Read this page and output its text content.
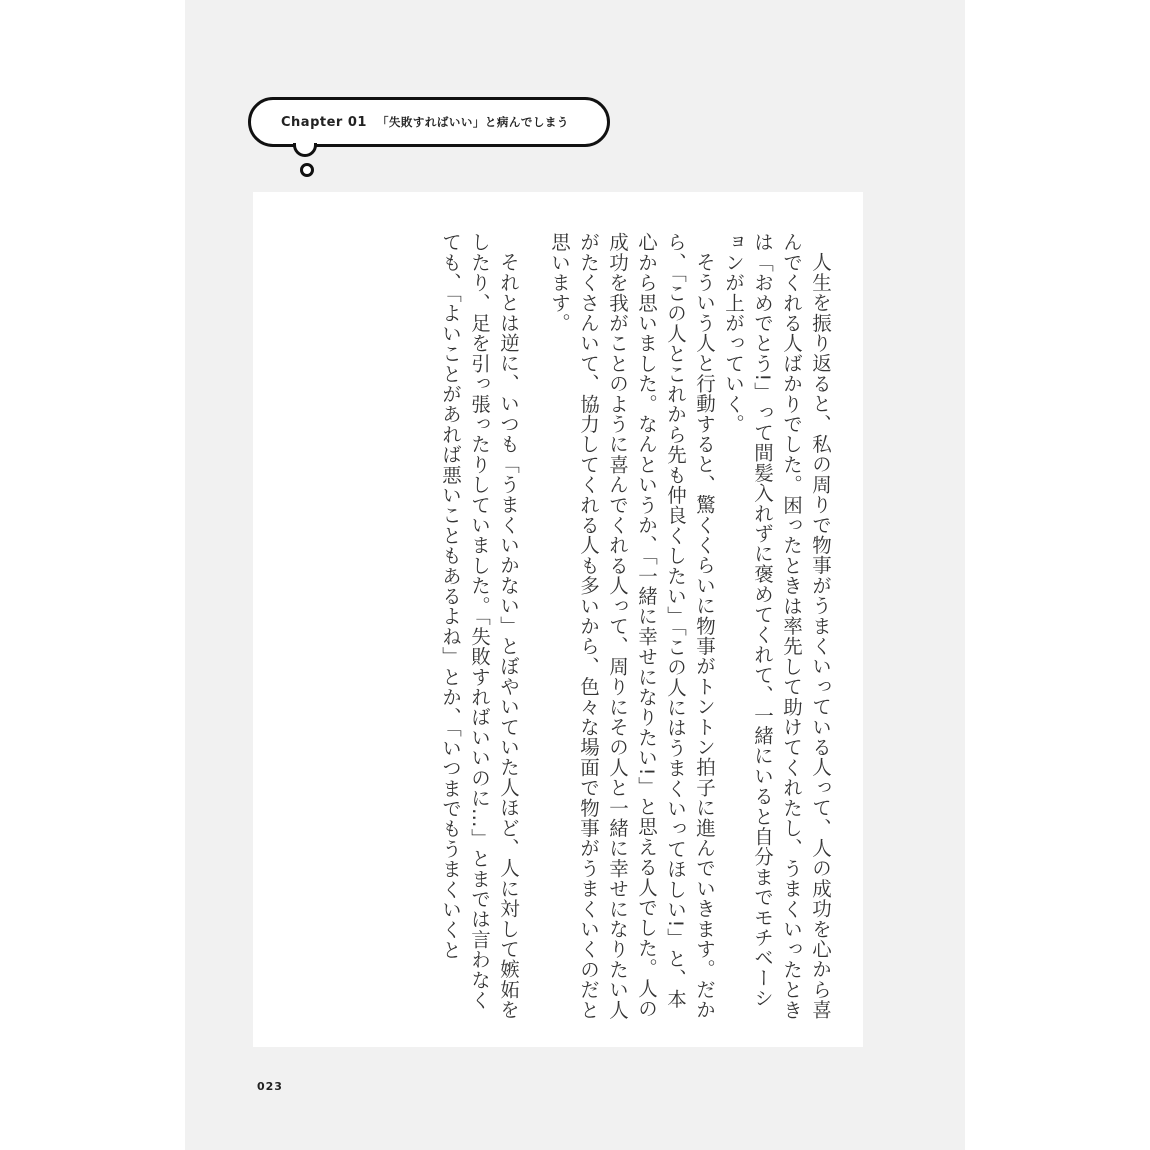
Chapter 01 「失敗すればいい」と病んでしまう

人生を振り返ると、私の周りで物事がうまくいっている人って、人の成功を心から喜んでくれる人ばかりでした。困ったときは率先して助けてくれたし、うまくいったときは「おめでとう!」って間髪入れずに褒めてくれて、一緒にいると自分までモチベーションが上がっていく。

そういう人と行動すると、驚くくらいに物事がトントン拍子に進んでいきます。だから、「この人とこれから先も仲良くしたい」「この人にはうまくいってほしい!」と、本心から思いました。なんというか、「一緒に幸せになりたい!」と思える人でした。人の成功を我がことのように喜んでくれる人って、周りにその人と一緒に幸せになりたい人がたくさんいて、協力してくれる人も多いから、色々な場面で物事がうまくいくのだと思います。

それとは逆に、いつも「うまくいかない」とぼやいていた人ほど、人に対して嫉妬をしたり、足を引っ張ったりしていました。「失敗すればいいのに…」とまでは言わなくても、「よいことがあれば悪いこともあるよね」とか、「いつまでもうまくいくと

023
